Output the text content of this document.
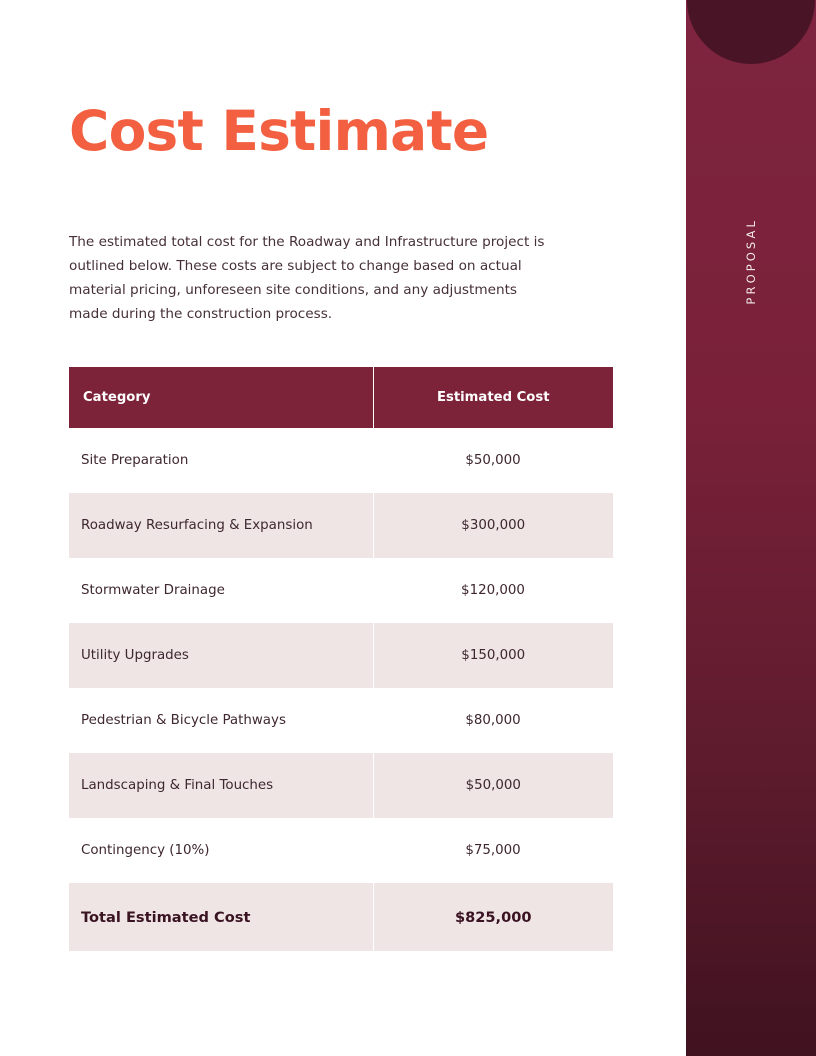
Cost Estimate

The estimated total cost for the Roadway and Infrastructure project is outlined below. These costs are subject to change based on actual material pricing, unforeseen site conditions, and any adjustments made during the construction process.

Category	Estimated Cost
Site Preparation	$50,000
Roadway Resurfacing & Expansion	$300,000
Stormwater Drainage	$120,000
Utility Upgrades	$150,000
Pedestrian & Bicycle Pathways	$80,000
Landscaping & Final Touches	$50,000
Contingency (10%)	$75,000
Total Estimated Cost	$825,000
PROPOSAL
